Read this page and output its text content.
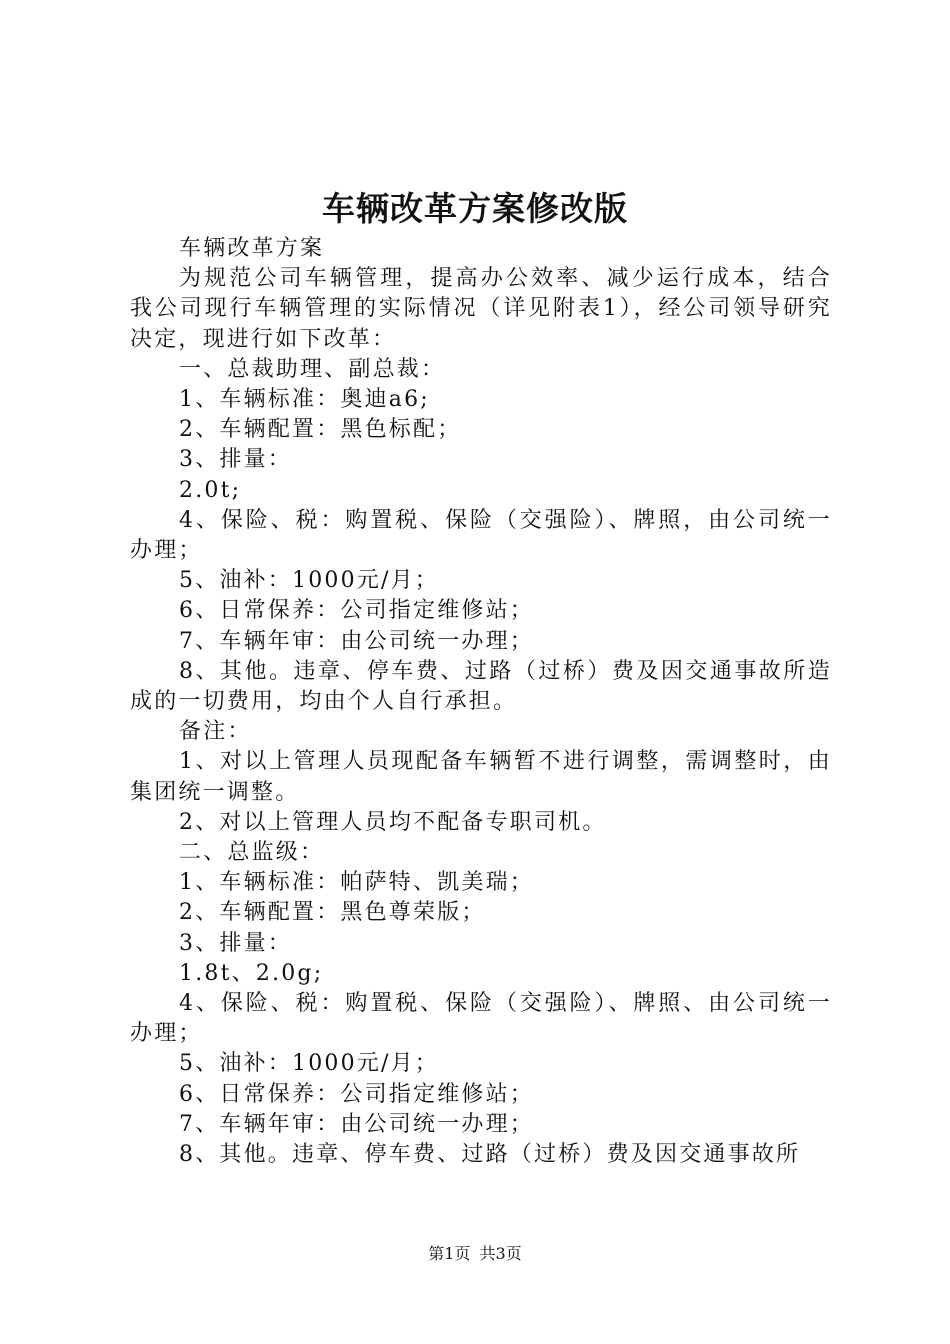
车辆改革方案修改版

车辆改革方案

为规范公司车辆管理，提高办公效率、减少运行成本，结合我公司现行车辆管理的实际情况（详见附表1），经公司领导研究决定，现进行如下改革：

一、总裁助理、副总裁：

1、车辆标准：奥迪a6;

2、车辆配置：黑色标配；

3、排量：

2.0t;

4、保险、税：购置税、保险（交强险）、牌照，由公司统一办理；

5、油补：1000元/月；

6、日常保养：公司指定维修站；

7、车辆年审：由公司统一办理；

8、其他。违章、停车费、过路（过桥）费及因交通事故所造成的一切费用，均由个人自行承担。

备注：

1、对以上管理人员现配备车辆暂不进行调整，需调整时，由集团统一调整。

2、对以上管理人员均不配备专职司机。

二、总监级：

1、车辆标准：帕萨特、凯美瑞；

2、车辆配置：黑色尊荣版；

3、排量：

1.8t、2.0g;

4、保险、税：购置税、保险（交强险）、牌照、由公司统一办理；

5、油补：1000元/月；

6、日常保养：公司指定维修站；

7、车辆年审：由公司统一办理；

8、其他。违章、停车费、过路（过桥）费及因交通事故所

第1页 共3页
